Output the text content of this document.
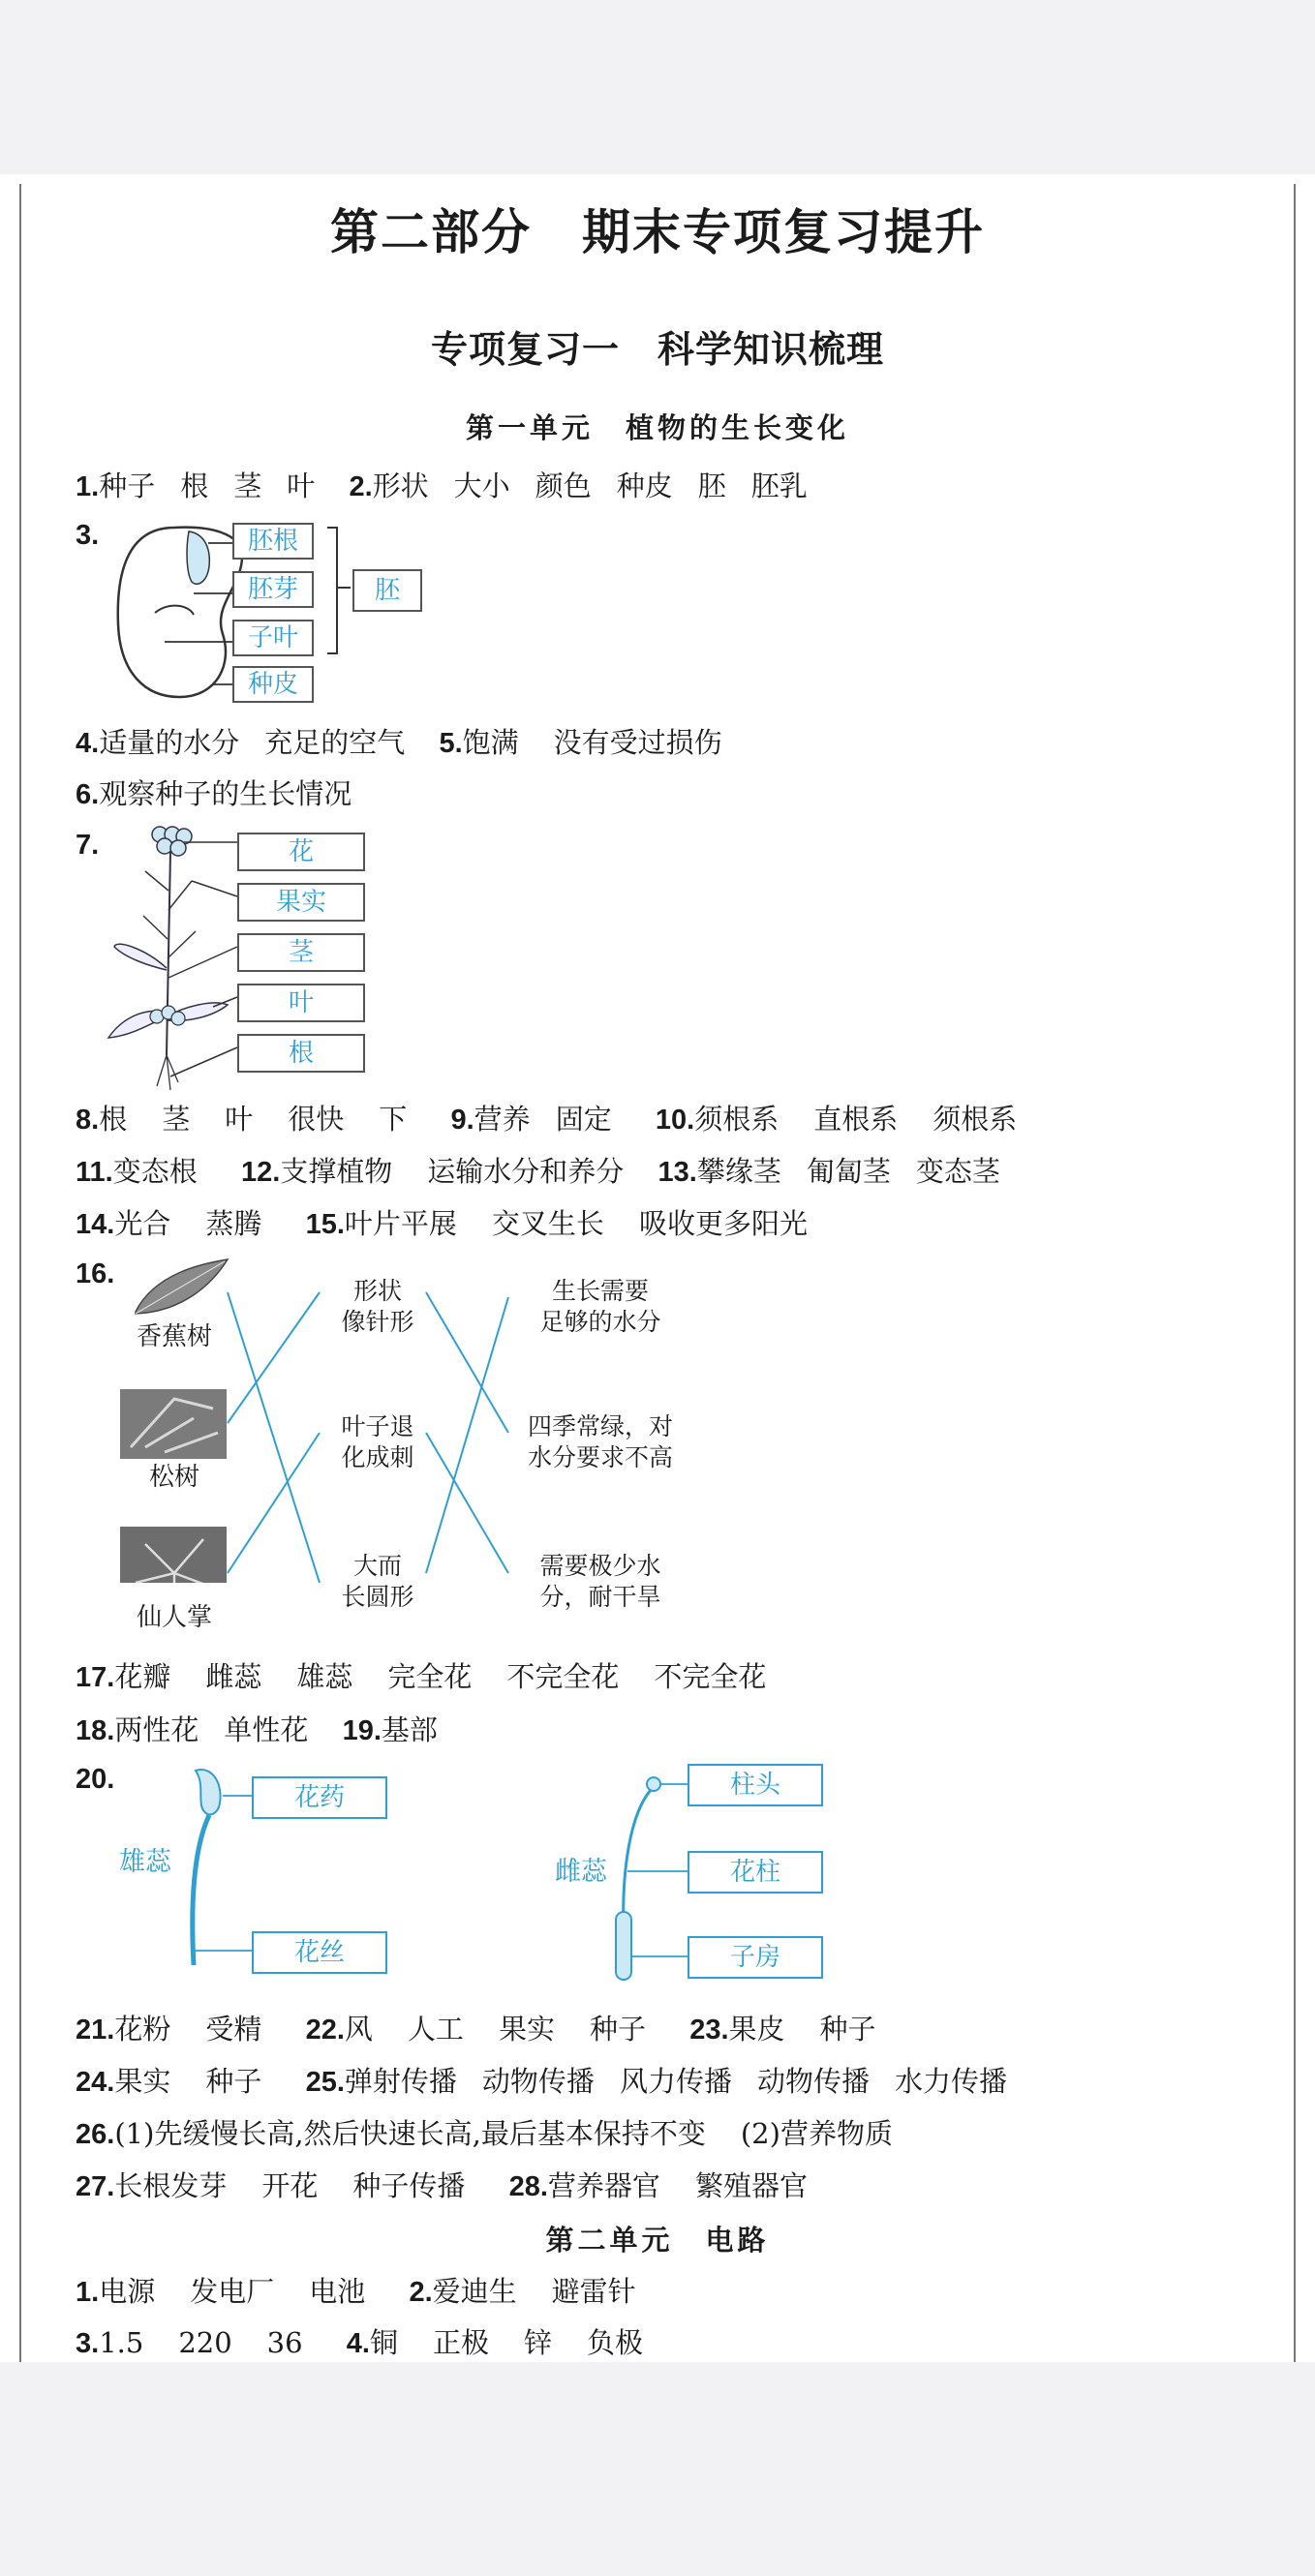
第二部分　期末专项复习提升
专项复习一　科学知识梳理
第一单元　植物的生长变化
1.种子 根 茎 叶 2.形状 大小 颜色 种皮 胚 胚乳
3.	胚根
胚芽
子叶
种皮
胚
4.适量的水分 充足的空气 5.饱满 没有受过损伤
6.观察种子的生长情况
7.	花
果实
茎
叶
根
8.根 茎 叶 很快 下 9.营养 固定 10.须根系 直根系 须根系
11.变态根 12.支撑植物 运输水分和养分 13.攀缘茎 匍匐茎 变态茎
14.光合 蒸腾 15.叶片平展 交叉生长 吸收更多阳光
16.
香蕉树
松树
仙人掌
形状
像针形
叶子退
化成刺
大而
长圆形
生长需要
足够的水分
四季常绿，对
水分要求不高
需要极少水
分，耐干旱
17.花瓣 雌蕊 雄蕊 完全花 不完全花 不完全花
18.两性花 单性花 19.基部
20.
雄蕊
花药
花丝
雌蕊
柱头
花柱
子房
21.花粉 受精 22.风 人工 果实 种子 23.果皮 种子
24.果实 种子 25.弹射传播 动物传播 风力传播 动物传播 水力传播
26.(1)先缓慢长高,然后快速长高,最后基本保持不变 (2)营养物质
27.长根发芽 开花 种子传播 28.营养器官 繁殖器官
第二单元　电路
1.电源 发电厂 电池 2.爱迪生 避雷针
3.1.5 220 36 4.铜 正极 锌 负极
